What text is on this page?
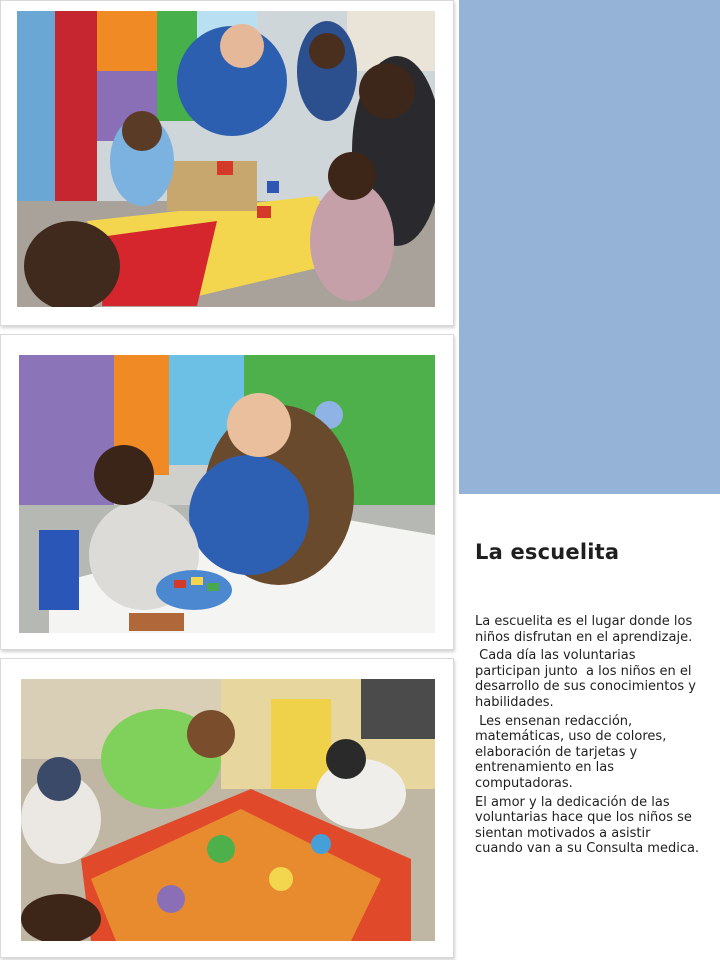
La escuelita

La escuelita es el lugar donde los niños disfrutan en el aprendizaje.

Cada día las voluntarias participan junto  a los niños en el desarrollo de sus conocimientos y habilidades.

Les ensenan redacción, matemáticas, uso de colores, elaboración de tarjetas y entrenamiento en las computadoras.

El amor y la dedicación de las voluntarias hace que los niños se sientan motivados a asistir cuando van a su Consulta medica.
